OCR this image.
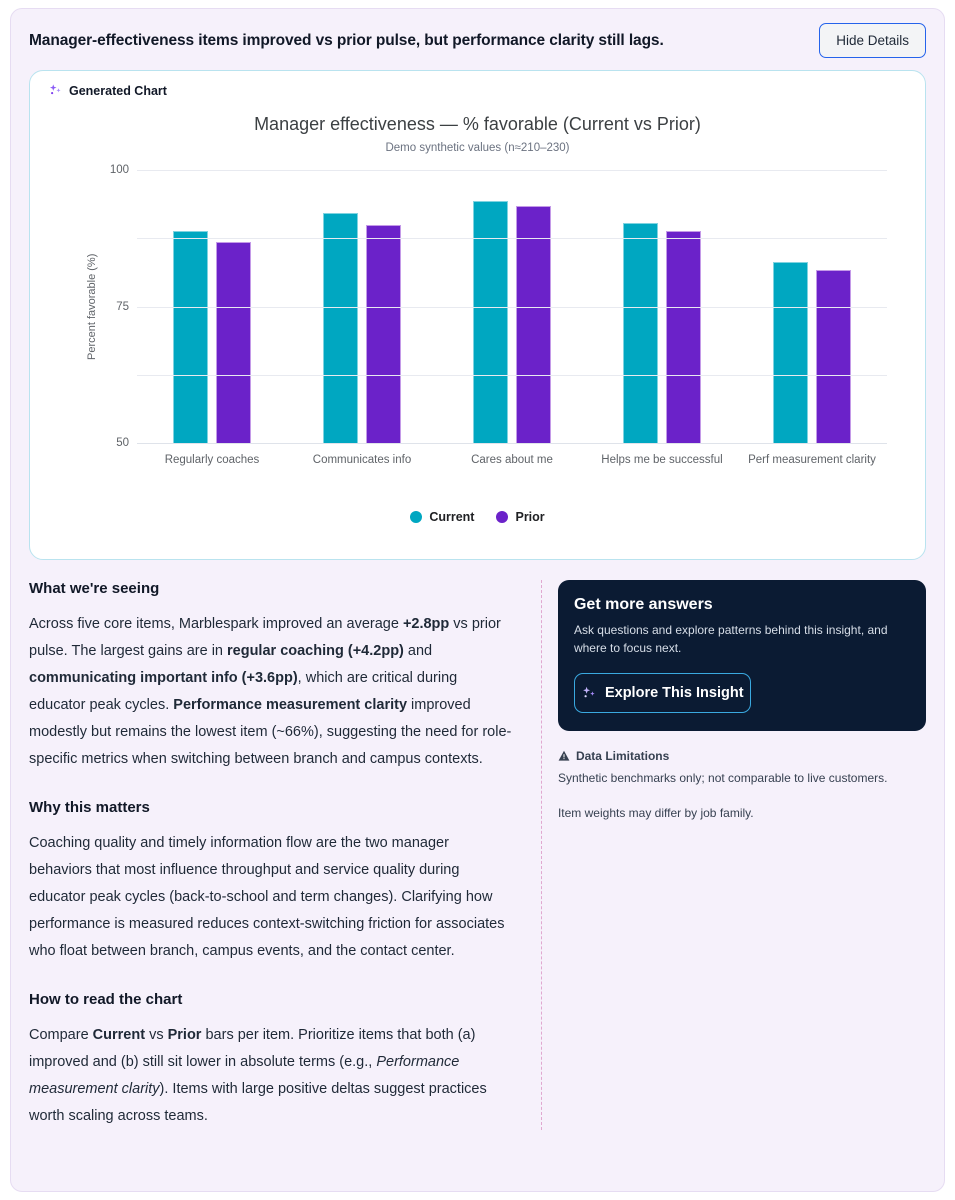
Manager-effectiveness items improved vs prior pulse, but performance clarity still lags.	Hide Details
Generated Chart
Manager effectiveness — % favorable (Current vs Prior)
Demo synthetic values (n≈210–230)
Percent favorable (%)
50
75
100
Regularly coaches	Communicates info	Cares about me	Helps me be successful	Perf measurement clarity
Current	Prior
What we're seeing

Across five core items, Marblespark improved an average +2.8pp vs prior pulse. The largest gains are in regular coaching (+4.2pp) and communicating important info (+3.6pp), which are critical during educator peak cycles. Performance measurement clarity improved modestly but remains the lowest item (~66%), suggesting the need for role-specific metrics when switching between branch and campus contexts.

Why this matters

Coaching quality and timely information flow are the two manager behaviors that most influence throughput and service quality during educator peak cycles (back-to-school and term changes). Clarifying how performance is measured reduces context-switching friction for associates who float between branch, campus events, and the contact center.

How to read the chart

Compare Current vs Prior bars per item. Prioritize items that both (a) improved and (b) still sit lower in absolute terms (e.g., Performance measurement clarity). Items with large positive deltas suggest practices worth scaling across teams.

Get more answers
Ask questions and explore patterns behind this insight, and where to focus next.
Explore This Insight
Data Limitations
Synthetic benchmarks only; not comparable to live customers.
Item weights may differ by job family.
